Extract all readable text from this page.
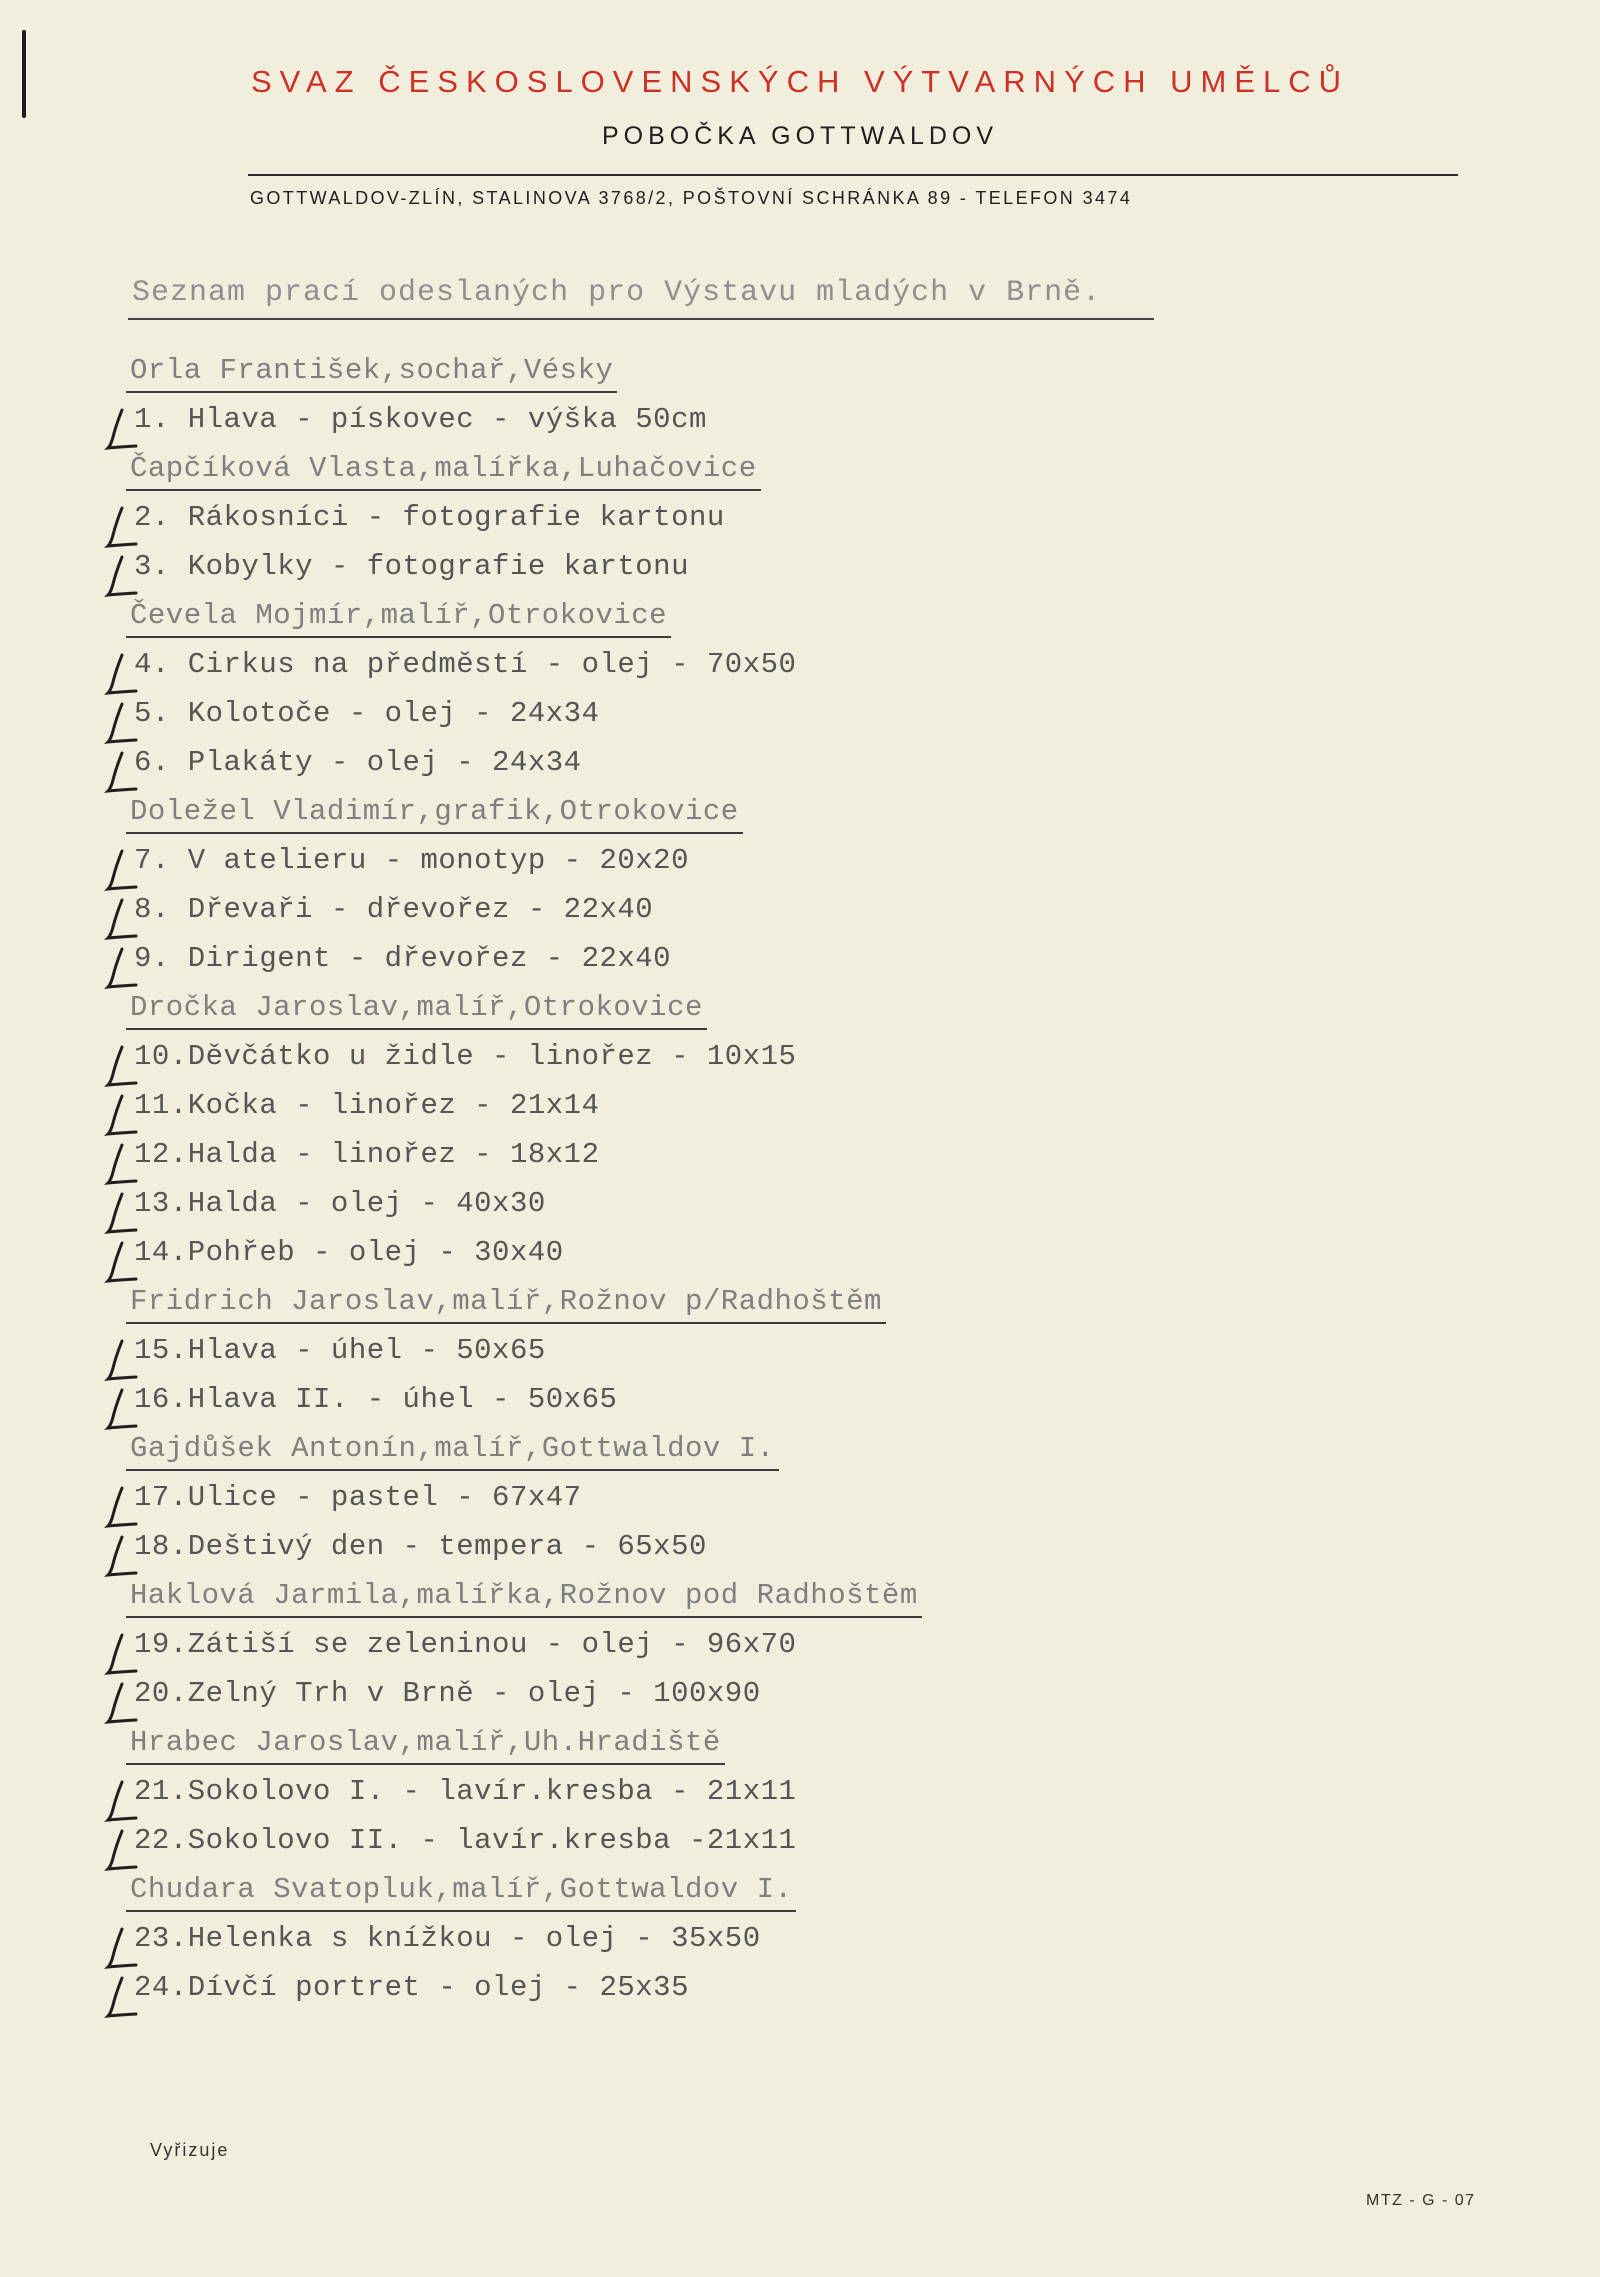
SVAZ ČESKOSLOVENSKÝCH VÝTVARNÝCH UMĚLCŮ
POBOČKA GOTTWALDOV
GOTTWALDOV-ZLÍN, STALINOVA 3768/2, POŠTOVNÍ SCHRÁNKA 89 - TELEFON 3474
Seznam prací odeslaných pro Výstavu mladých v Brně.
Orla František,sochař,Vésky
1. Hlava - pískovec - výška 50cm
Čapčíková Vlasta,malířka,Luhačovice
2. Rákosníci - fotografie kartonu
3. Kobylky - fotografie kartonu
Čevela Mojmír,malíř,Otrokovice
4. Cirkus na předměstí - olej - 70x50
5. Kolotoče - olej - 24x34
6. Plakáty - olej - 24x34
Doležel Vladimír,grafik,Otrokovice
7. V atelieru - monotyp - 20x20
8. Dřevaři - dřevořez - 22x40
9. Dirigent - dřevořez - 22x40
Dročka Jaroslav,malíř,Otrokovice
10.Děvčátko u židle - linořez - 10x15
11.Kočka - linořez - 21x14
12.Halda - linořez - 18x12
13.Halda - olej - 40x30
14.Pohřeb - olej - 30x40
Fridrich Jaroslav,malíř,Rožnov p/Radhoštěm
15.Hlava - úhel - 50x65
16.Hlava II. - úhel - 50x65
Gajdůšek Antonín,malíř,Gottwaldov I.
17.Ulice - pastel - 67x47
18.Deštivý den - tempera - 65x50
Haklová Jarmila,malířka,Rožnov pod Radhoštěm
19.Zátiší se zeleninou - olej - 96x70
20.Zelný Trh v Brně - olej - 100x90
Hrabec Jaroslav,malíř,Uh.Hradiště
21.Sokolovo I. - lavír.kresba - 21x11
22.Sokolovo II. - lavír.kresba -21x11
Chudara Svatopluk,malíř,Gottwaldov I.
23.Helenka s knížkou - olej - 35x50
24.Dívčí portret - olej - 25x35
Vyřizuje
MTZ - G - 07
